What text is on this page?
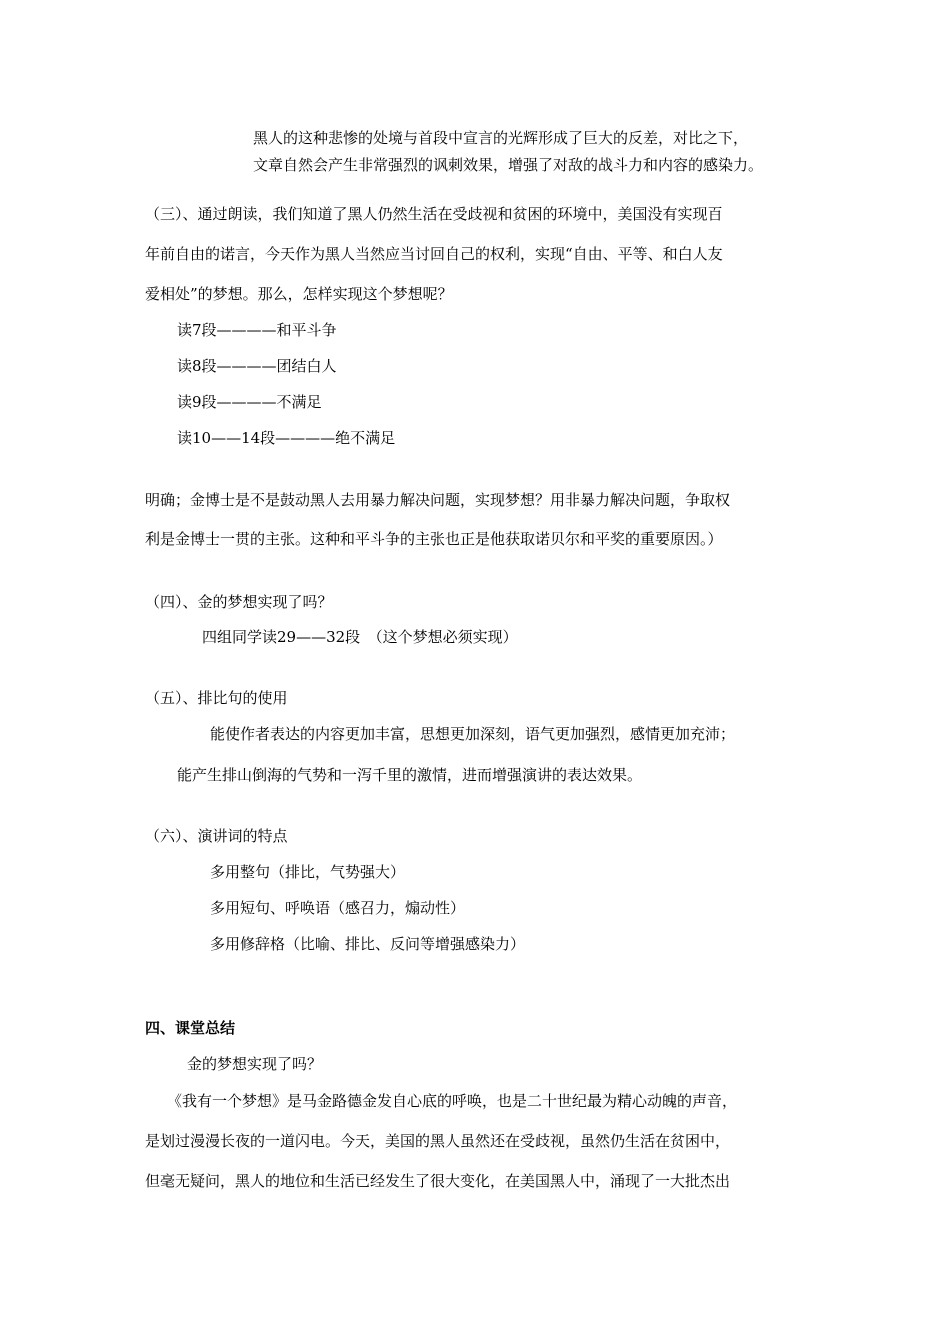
黑人的这种悲惨的处境与首段中宣言的光辉形成了巨大的反差，对比之下，
文章自然会产生非常强烈的讽刺效果，增强了对敌的战斗力和内容的感染力。
（三）、通过朗读，我们知道了黑人仍然生活在受歧视和贫困的环境中，美国没有实现百
年前自由的诺言，今天作为黑人当然应当讨回自己的权利，实现“自由、平等、和白人友
爱相处”的梦想。那么，怎样实现这个梦想呢？
读7段————和平斗争
读8段————团结白人
读9段————不满足
读10——14段————绝不满足
明确；金博士是不是鼓动黑人去用暴力解决问题，实现梦想？用非暴力解决问题，争取权
利是金博士一贯的主张。这种和平斗争的主张也正是他获取诺贝尔和平奖的重要原因。）
（四）、金的梦想实现了吗？
四组同学读29——32段　（这个梦想必须实现）
（五）、排比句的使用
能使作者表达的内容更加丰富，思想更加深刻，语气更加强烈，感情更加充沛；
能产生排山倒海的气势和一泻千里的激情，进而增强演讲的表达效果。
（六）、演讲词的特点
多用整句（排比，气势强大）
多用短句、呼唤语（感召力，煽动性）
多用修辞格（比喻、排比、反问等增强感染力）
四、课堂总结
金的梦想实现了吗？
《我有一个梦想》是马金路德金发自心底的呼唤，也是二十世纪最为精心动魄的声音，
是划过漫漫长夜的一道闪电。今天，美国的黑人虽然还在受歧视，虽然仍生活在贫困中，
但毫无疑问，黑人的地位和生活已经发生了很大变化，在美国黑人中，涌现了一大批杰出
